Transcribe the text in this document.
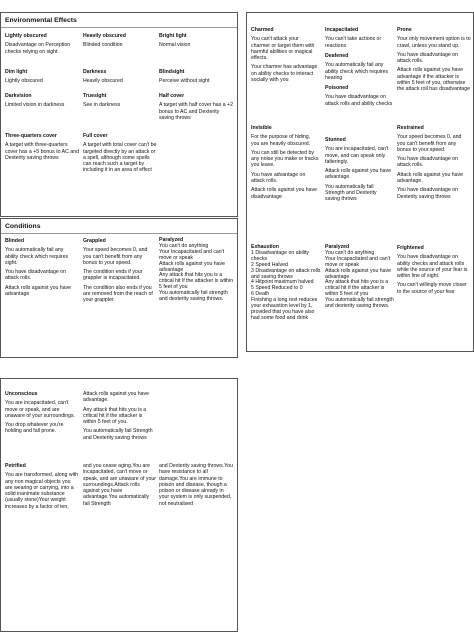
Environmental Effects
Lightly obscured

Disadvantage on Perception checks relying on sight

Heavily obscured

Blinded condition

Bright light

Normal vision

Dim light

Lightly obscured

Darkness

Heavily obscured

Blindsight

Perceive without sight

Darkvision

Limited vision in darkness

Truesight

See in darkness

Half cover

A target with half cover has a +2 bonus to AC and Dexterity saving throws

Three-quarters cover

A target with three-quarters cover has a +5 bonus to AC and Dexterity saving throws

Full cover

A target with total cover can't be targeted directly by an attack or a spell, although some spells can reach such a target by including it in an area of effect

Conditions
Blinded

You automatically fail any ability check which requires sight.

You have disadvantage on attack rolls.

Attack rolls against you have advantage

Grappled

Your speed becomes 0, and you can't benefit from any bonus to your speed.

The condition ends if your grappler is incapacitated.

The condition also ends if you are removed from the reach of your grappler

Paralyzed

You can't do anything

Your Incapacitated and can't move or speak

Attack rolls against you have advantage

Any attack that hits you is a critical hit if the attacker is within 5 feet of you

You automatically fail strength and dexterity saving throws.

Charmed

You can't attack your charmer or target them with harmful abilities or magical effects.

Your charmer has advantage on ability checks to interact socially with you

Incapacitated

You can't take actions or reactions

Deafened

You automatically fail any ability check which requires hearing

Poisoned

You have disadvantage on attack rolls and ability checks

Prone

Your only movement option is to crawl, unless you stand up.

You have disadvantage on attack rolls.

Attack rolls against you have advantage if the attacker is within 5 feet of you, otherwise the attack roll has disadvantage

Invisible

For the purpose of hiding, you are heavily obscured.

You can still be detected by any noise you make or tracks you leave.

You have advantage on attack rolls.

Attack rolls against you have disadvantage

Stunned

You are incapacitated, can't move, and can speak only falteringly.

Attack rolls against you have advantage.

You automatically fail Strength and Dexterity saving throws

Restrained

Your speed becomes 0, and you can't benefit from any bonus to your speed.

You have disadvantage on attack rolls.

Attack rolls against you have advantage.

You have disadvantage on Dexterity saving throws

Exhaustion

1 Disadvantage on ability checks

2 Speed Halved

3 Disadvantage on attack rolls and saving throws

4 Hitpoint maximum halved

5 Speed Reduced to 0

6 Death

Finishing a long rest reduces your exhaustion level by 1, provided that you have also had some food and drink

Paralyzed

You can't do anything

Your Incapacitated and can't move or speak

Attack rolls against you have advantage

Any attack that hits you is a critical hit if the attacker is within 5 feet of you

You automatically fail strength and dexterity saving throws.

Frightened

You have disadvantage on ability checks and attack rolls while the source of your fear is within line of sight.

You can't willingly move closer to the source of your fear

Unconscious

You are incapacitated, can't move or speak, and are unaware of your surroundings.

You drop whatever you're holding and fall prone.

Attack rolls against you have advantage.

Any attack that hits you is a critical hit if the attacker is within 5 feet of you.

You automatically fail Strength and Dexterity saving throws

Petrified

You are transformed, along with any non magical objects you are wearing or carrying, into a solid inanimate substance (usually stone)Your weight increases by a factor of ten,

and you cease aging.You are incapacitated, can't move or speak, and are unaware of your surroundings.Attack rolls against you have advantage.You automatically fail Strength

and Dexterity saving throws.You have resistance to all damage.You are immune to poison and disease, though a poison or disease already in your system is only suspended, not neutralised
